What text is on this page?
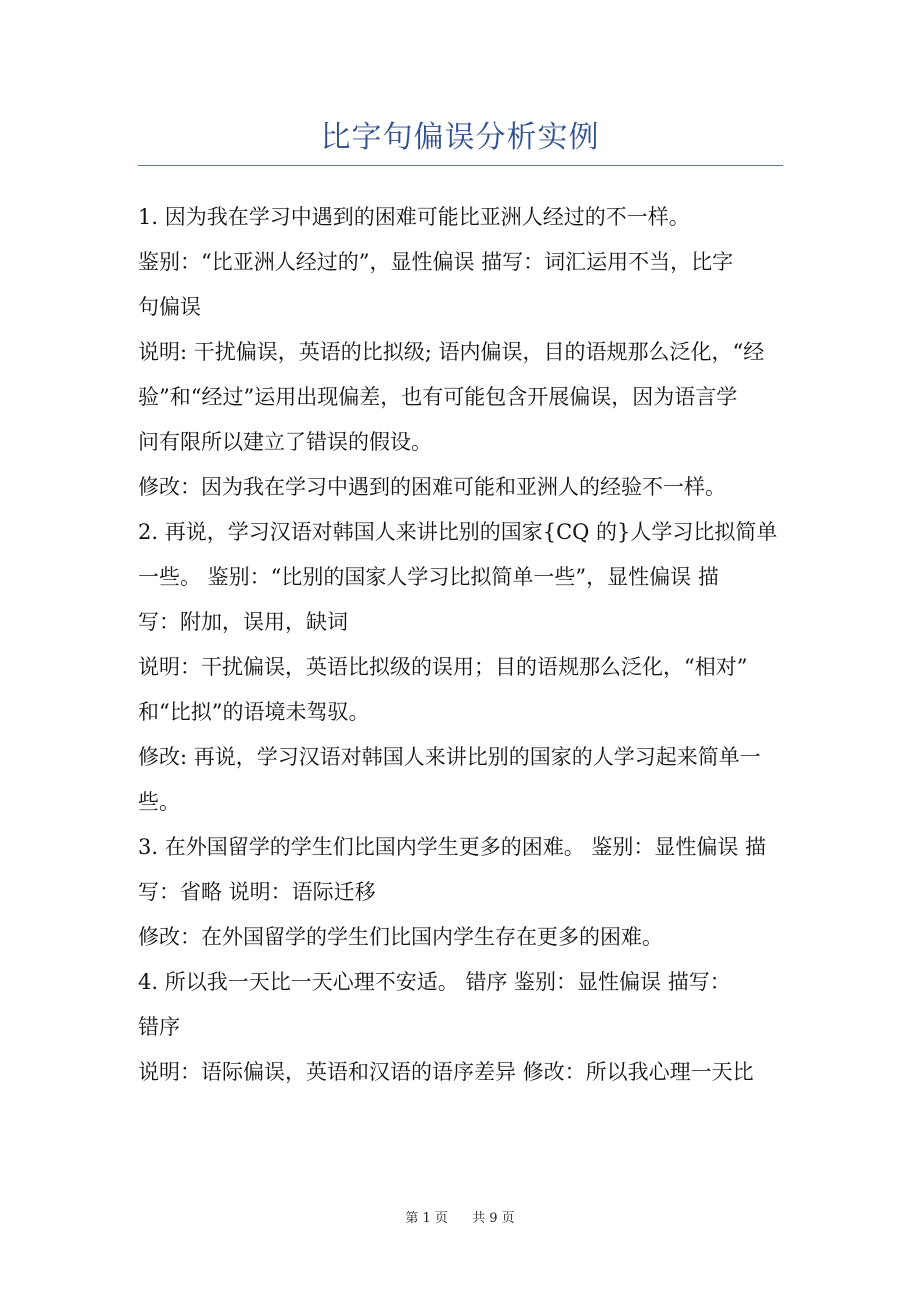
比字句偏误分析实例

1. 因为我在学习中遇到的困难可能比亚洲人经过的不一样。

鉴别：“比亚洲人经过的”，显性偏误 描写：词汇运用不当，比字

句偏误

说明: 干扰偏误，英语的比拟级; 语内偏误，目的语规那么泛化，“经

验”和“经过”运用出现偏差，也有可能包含开展偏误，因为语言学

问有限所以建立了错误的假设。

修改：因为我在学习中遇到的困难可能和亚洲人的经验不一样。

2. 再说，学习汉语对韩国人来讲比别的国家{CQ 的}人学习比拟简单

一些。 鉴别：“比别的国家人学习比拟简单一些”，显性偏误 描

写：附加，误用，缺词

说明：干扰偏误，英语比拟级的误用；目的语规那么泛化，“相对”

和“比拟”的语境未驾驭。

修改: 再说，学习汉语对韩国人来讲比别的国家的人学习起来简单一

些。

3. 在外国留学的学生们比国内学生更多的困难。 鉴别：显性偏误 描

写：省略 说明：语际迁移

修改：在外国留学的学生们比国内学生存在更多的困难。

4. 所以我一天比一天心理不安适。 错序 鉴别：显性偏误 描写：

错序

说明：语际偏误，英语和汉语的语序差异 修改：所以我心理一天比

第 1 页 共 9 页
